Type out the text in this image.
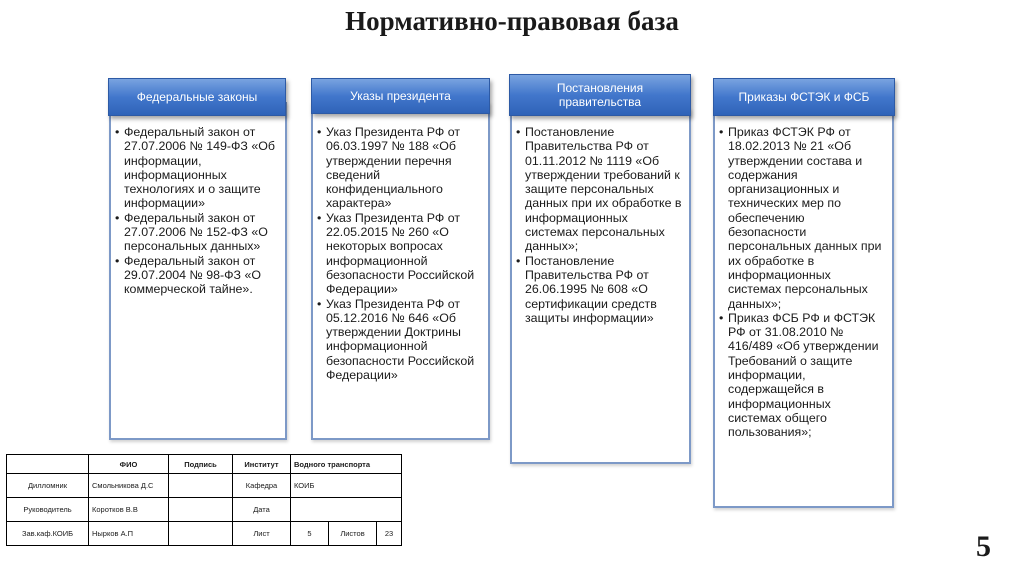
Нормативно-правовая база
• Федеральный закон от 27.07.2006 № 149-ФЗ «Об информации, информационных технологиях и о защите информации»
• Федеральный закон от 27.07.2006 № 152-ФЗ «О персональных данных»
• Федеральный закон от 29.07.2004 № 98-ФЗ «О коммерческой тайне».
Федеральные законы
• Указ Президента РФ от 06.03.1997 № 188 «Об утверждении перечня сведений конфиденциального характера»
• Указ Президента РФ от 22.05.2015 № 260 «О некоторых вопросах информационной безопасности Российской Федерации»
• Указ Президента РФ от 05.12.2016 № 646 «Об утверждении Доктрины информационной безопасности Российской Федерации»
Указы президента
• Постановление Правительства РФ от 01.11.2012 № 1119 «Об утверждении требований к защите персональных данных при их обработке в информационных системах персональных данных»;
• Постановление Правительства РФ от 26.06.1995 № 608 «О сертификации средств защиты информации»
Постановления правительства
• Приказ ФСТЭК РФ от 18.02.2013 № 21 «Об утверждении состава и содержания организационных и технических мер по обеспечению безопасности персональных данных при их обработке в информационных системах персональных данных»;
• Приказ ФСБ РФ и ФСТЭК РФ от 31.08.2010 № 416/489 «Об утверждении Требований о защите информации, содержащейся в информационных системах общего пользования»;
Приказы ФСТЭК и ФСБ
	ФИО	Подпись	Институт	Водного транспорта		
Дилломник	Смольникова Д.С		Кафедра	КОИБ		
Руководитель	Коротков В.В		Дата			
Зав.каф.КОИБ	Нырков А.П		Лист	5	Листов	23	5
